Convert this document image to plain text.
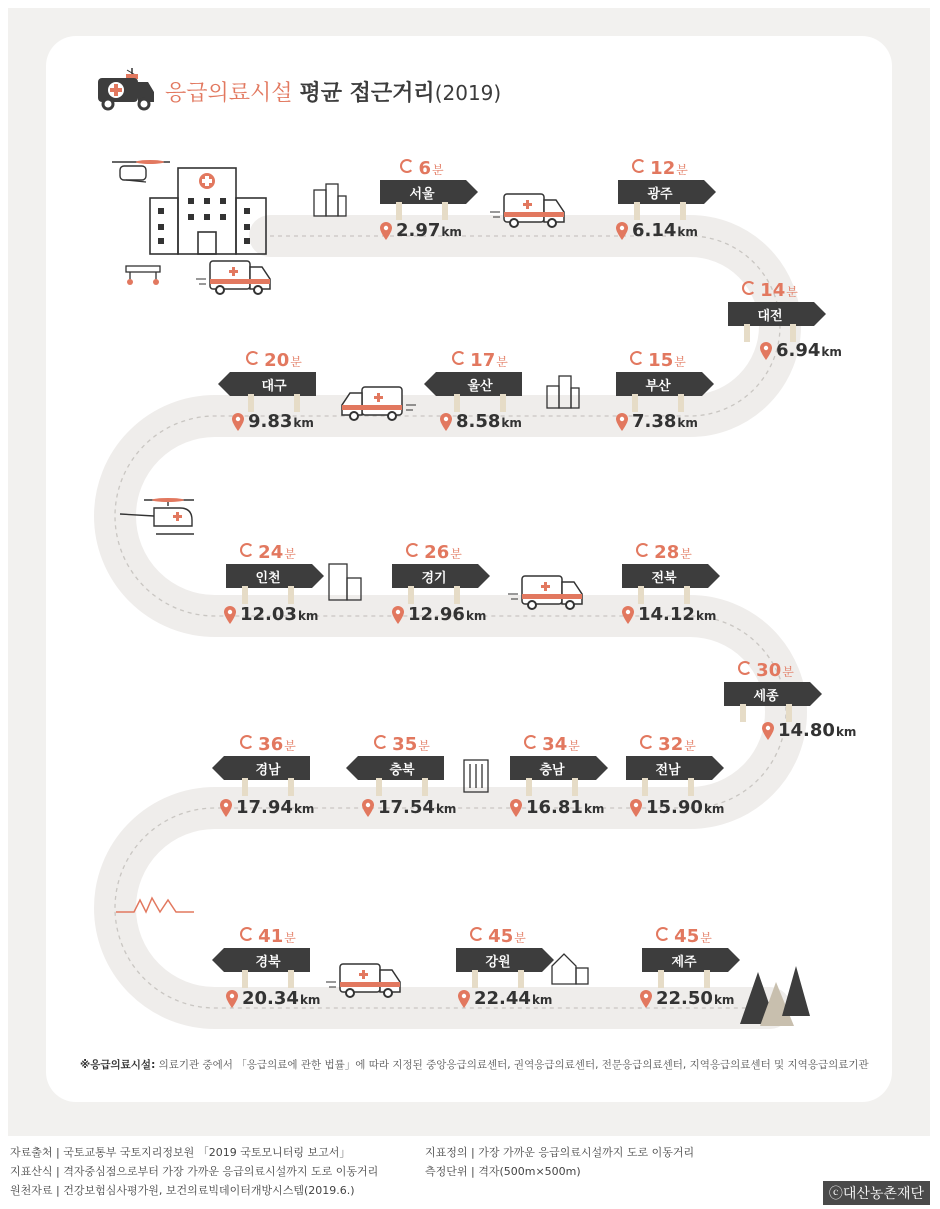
응급의료시설 평균 접근거리(2019)
6분
서울
2.97km
12분
광주
6.14km
14분
대전
6.94km
15분
부산
7.38km
17분
울산
8.58km
20분
대구
9.83km
24분
인천
12.03km
26분
경기
12.96km
28분
전북
14.12km
30분
세종
14.80km
32분
전남
15.90km
34분
충남
16.81km
35분
충북
17.54km
36분
경남
17.94km
41분
경북
20.34km
45분
강원
22.44km
45분
제주
22.50km
※응급의료시설: 의료기관 중에서 「응급의료에 관한 법률」에 따라 지정된 중앙응급의료센터, 권역응급의료센터, 전문응급의료센터, 지역응급의료센터 및 지역응급의료기관
자료출처 | 국토교통부 국토지리정보원 「2019 국토모니터링 보고서」
지표산식 | 격자중심점으로부터 가장 가까운 응급의료시설까지 도로 이동거리
원천자료 | 건강보험심사평가원, 보건의료빅데이터개방시스템(2019.6.)
지표정의 | 가장 가까운 응급의료시설까지 도로 이동거리
측정단위 | 격자(500m×500m)
ⓒ대산농촌재단
